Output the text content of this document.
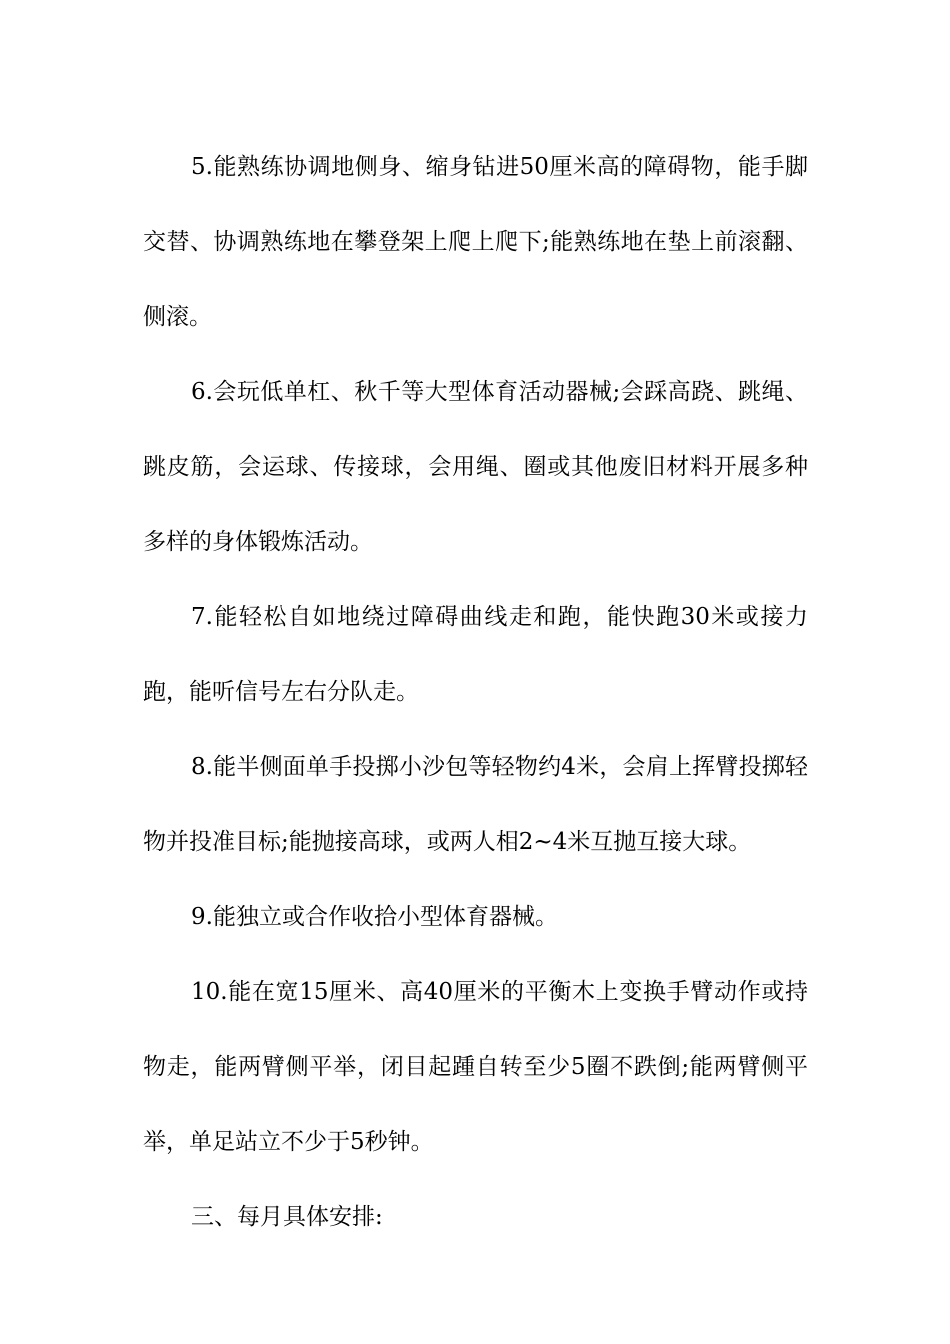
5.能熟练协调地侧身、缩身钻进50厘米高的障碍物，能手脚交替、协调熟练地在攀登架上爬上爬下;能熟练地在垫上前滚翻、侧滚。

6.会玩低单杠、秋千等大型体育活动器械;会踩高跷、跳绳、跳皮筋，会运球、传接球，会用绳、圈或其他废旧材料开展多种多样的身体锻炼活动。

7.能轻松自如地绕过障碍曲线走和跑，能快跑30米或接力跑，能听信号左右分队走。

8.能半侧面单手投掷小沙包等轻物约4米，会肩上挥臂投掷轻物并投准目标;能抛接高球，或两人相2~4米互抛互接大球。

9.能独立或合作收拾小型体育器械。

10.能在宽15厘米、高40厘米的平衡木上变换手臂动作或持物走，能两臂侧平举，闭目起踵自转至少5圈不跌倒;能两臂侧平举，单足站立不少于5秒钟。

三、每月具体安排:
